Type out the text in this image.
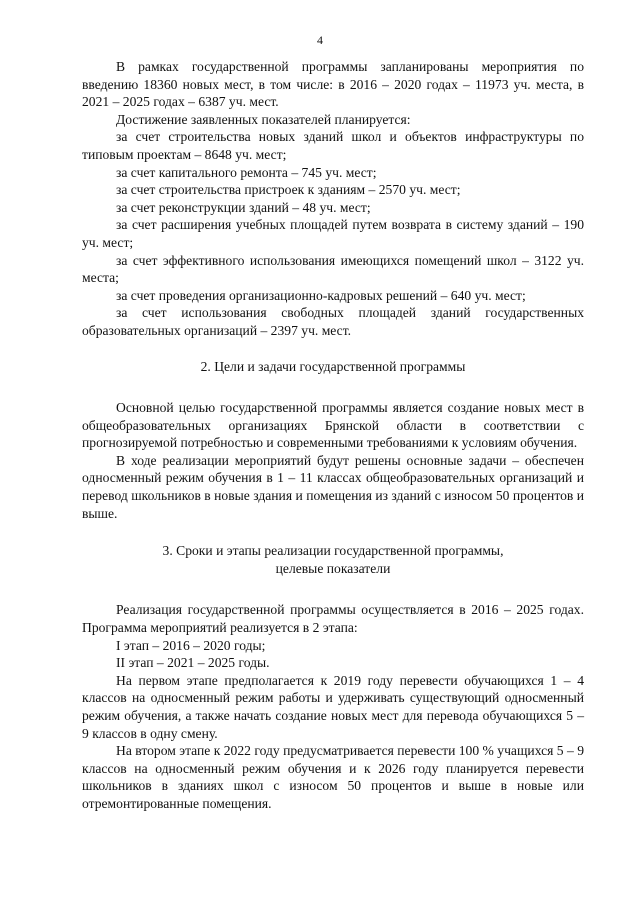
4

В рамках государственной программы запланированы мероприятия по введению 18360 новых мест, в том числе: в 2016 – 2020 годах – 11973 уч. места, в 2021 – 2025 годах – 6387 уч. мест.

Достижение заявленных показателей планируется:

за счет строительства новых зданий школ и объектов инфраструктуры по типовым проектам – 8648 уч. мест;

за счет капитального ремонта – 745 уч. мест;

за счет строительства пристроек к зданиям – 2570 уч. мест;

за счет реконструкции зданий – 48 уч. мест;

за счет расширения учебных площадей путем возврата в систему зданий – 190 уч. мест;

за счет эффективного использования имеющихся помещений школ – 3122 уч. места;

за счет проведения организационно-кадровых решений – 640 уч. мест;

за счет использования свободных площадей зданий государственных образовательных организаций – 2397 уч. мест.

2. Цели и задачи государственной программы

Основной целью государственной программы является создание новых мест в общеобразовательных организациях Брянской области в соответствии с прогнозируемой потребностью и современными требованиями к условиям обучения.

В ходе реализации мероприятий будут решены основные задачи – обеспечен односменный режим обучения в 1 – 11 классах общеобразовательных организаций и перевод школьников в новые здания и помещения из зданий с износом 50 процентов и выше.

3. Сроки и этапы реализации государственной программы,

целевые показатели

Реализация государственной программы осуществляется в 2016 – 2025 годах. Программа мероприятий реализуется в 2 этапа:

I этап – 2016 – 2020 годы;

II этап – 2021 – 2025 годы.

На первом этапе предполагается к 2019 году перевести обучающихся 1 – 4 классов на односменный режим работы и удерживать существующий односменный режим обучения, а также начать создание новых мест для перевода обучающихся 5 – 9 классов в одну смену.

На втором этапе к 2022 году предусматривается перевести 100 % учащихся 5 – 9 классов на односменный режим обучения и к 2026 году планируется перевести школьников в зданиях школ с износом 50 процентов и выше в новые или отремонтированные помещения.
